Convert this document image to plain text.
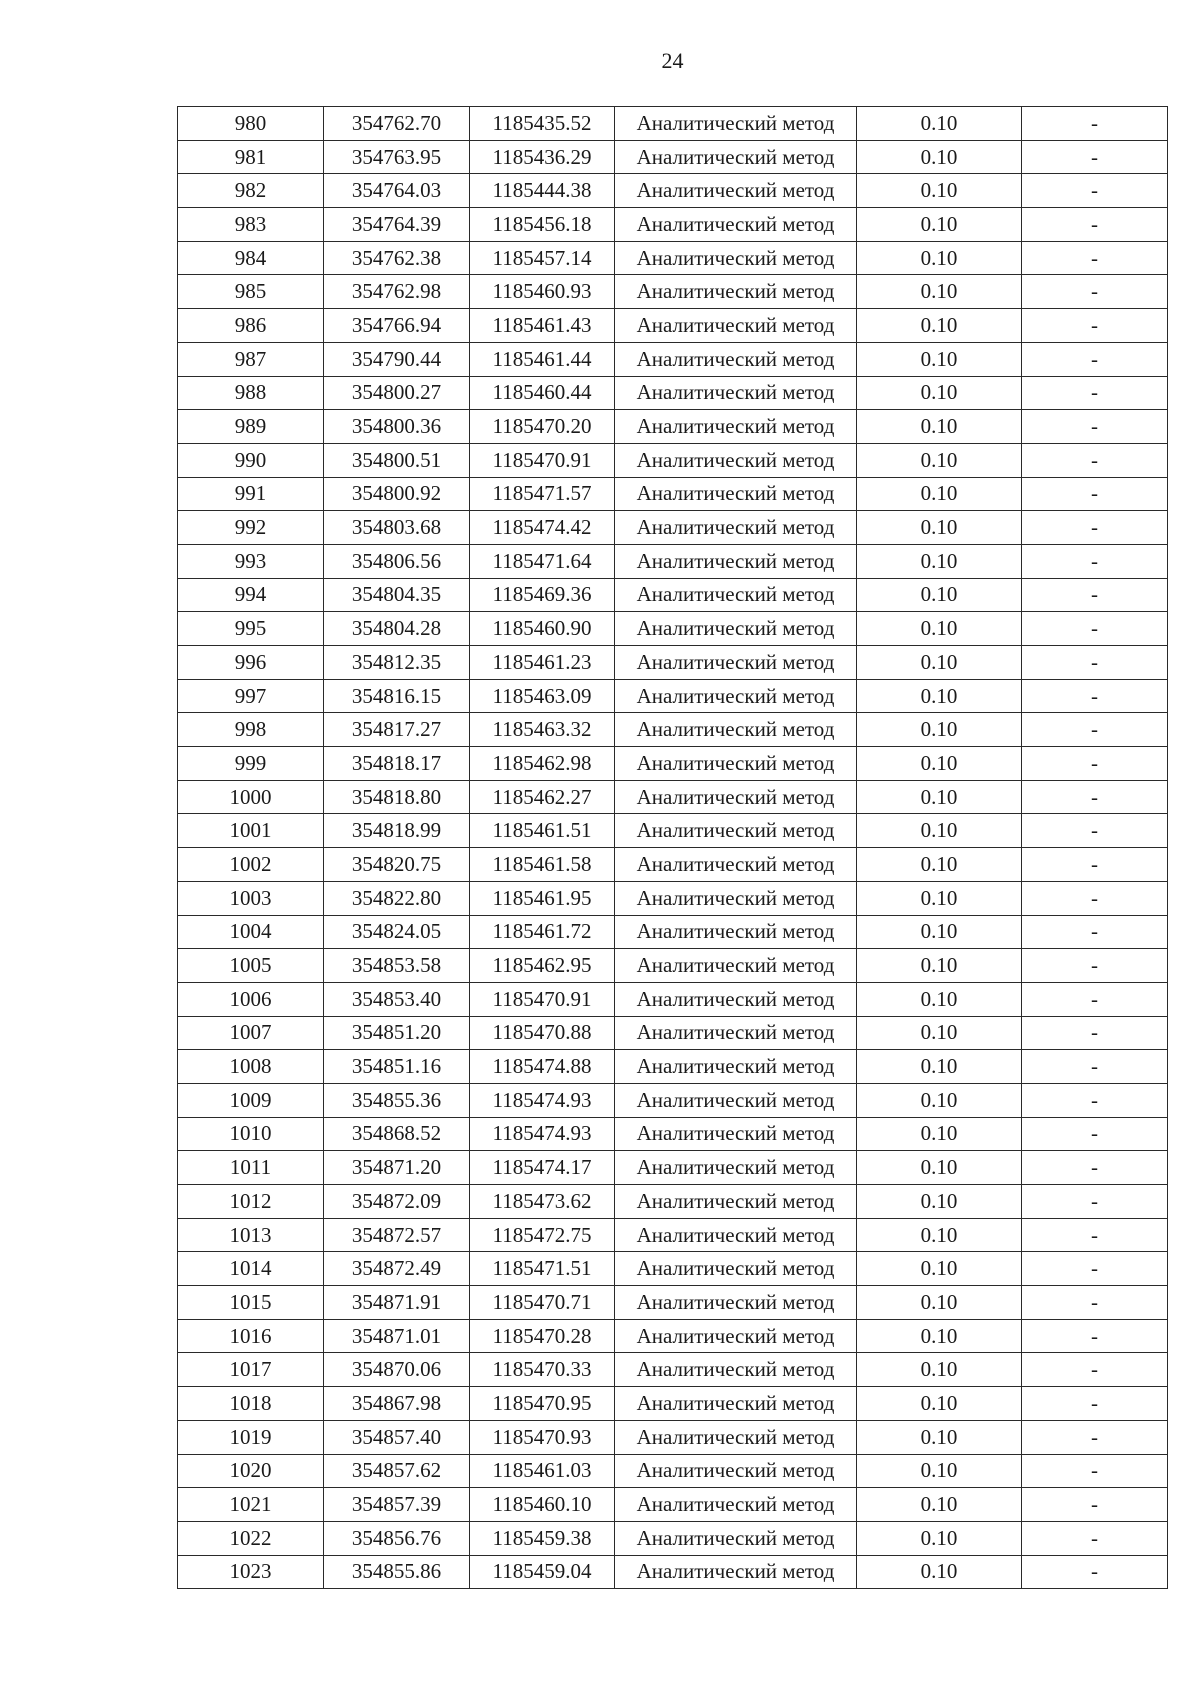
24
980	354762.70	1185435.52	Аналитический метод	0.10	-
981	354763.95	1185436.29	Аналитический метод	0.10	-
982	354764.03	1185444.38	Аналитический метод	0.10	-
983	354764.39	1185456.18	Аналитический метод	0.10	-
984	354762.38	1185457.14	Аналитический метод	0.10	-
985	354762.98	1185460.93	Аналитический метод	0.10	-
986	354766.94	1185461.43	Аналитический метод	0.10	-
987	354790.44	1185461.44	Аналитический метод	0.10	-
988	354800.27	1185460.44	Аналитический метод	0.10	-
989	354800.36	1185470.20	Аналитический метод	0.10	-
990	354800.51	1185470.91	Аналитический метод	0.10	-
991	354800.92	1185471.57	Аналитический метод	0.10	-
992	354803.68	1185474.42	Аналитический метод	0.10	-
993	354806.56	1185471.64	Аналитический метод	0.10	-
994	354804.35	1185469.36	Аналитический метод	0.10	-
995	354804.28	1185460.90	Аналитический метод	0.10	-
996	354812.35	1185461.23	Аналитический метод	0.10	-
997	354816.15	1185463.09	Аналитический метод	0.10	-
998	354817.27	1185463.32	Аналитический метод	0.10	-
999	354818.17	1185462.98	Аналитический метод	0.10	-
1000	354818.80	1185462.27	Аналитический метод	0.10	-
1001	354818.99	1185461.51	Аналитический метод	0.10	-
1002	354820.75	1185461.58	Аналитический метод	0.10	-
1003	354822.80	1185461.95	Аналитический метод	0.10	-
1004	354824.05	1185461.72	Аналитический метод	0.10	-
1005	354853.58	1185462.95	Аналитический метод	0.10	-
1006	354853.40	1185470.91	Аналитический метод	0.10	-
1007	354851.20	1185470.88	Аналитический метод	0.10	-
1008	354851.16	1185474.88	Аналитический метод	0.10	-
1009	354855.36	1185474.93	Аналитический метод	0.10	-
1010	354868.52	1185474.93	Аналитический метод	0.10	-
1011	354871.20	1185474.17	Аналитический метод	0.10	-
1012	354872.09	1185473.62	Аналитический метод	0.10	-
1013	354872.57	1185472.75	Аналитический метод	0.10	-
1014	354872.49	1185471.51	Аналитический метод	0.10	-
1015	354871.91	1185470.71	Аналитический метод	0.10	-
1016	354871.01	1185470.28	Аналитический метод	0.10	-
1017	354870.06	1185470.33	Аналитический метод	0.10	-
1018	354867.98	1185470.95	Аналитический метод	0.10	-
1019	354857.40	1185470.93	Аналитический метод	0.10	-
1020	354857.62	1185461.03	Аналитический метод	0.10	-
1021	354857.39	1185460.10	Аналитический метод	0.10	-
1022	354856.76	1185459.38	Аналитический метод	0.10	-
1023	354855.86	1185459.04	Аналитический метод	0.10	-
